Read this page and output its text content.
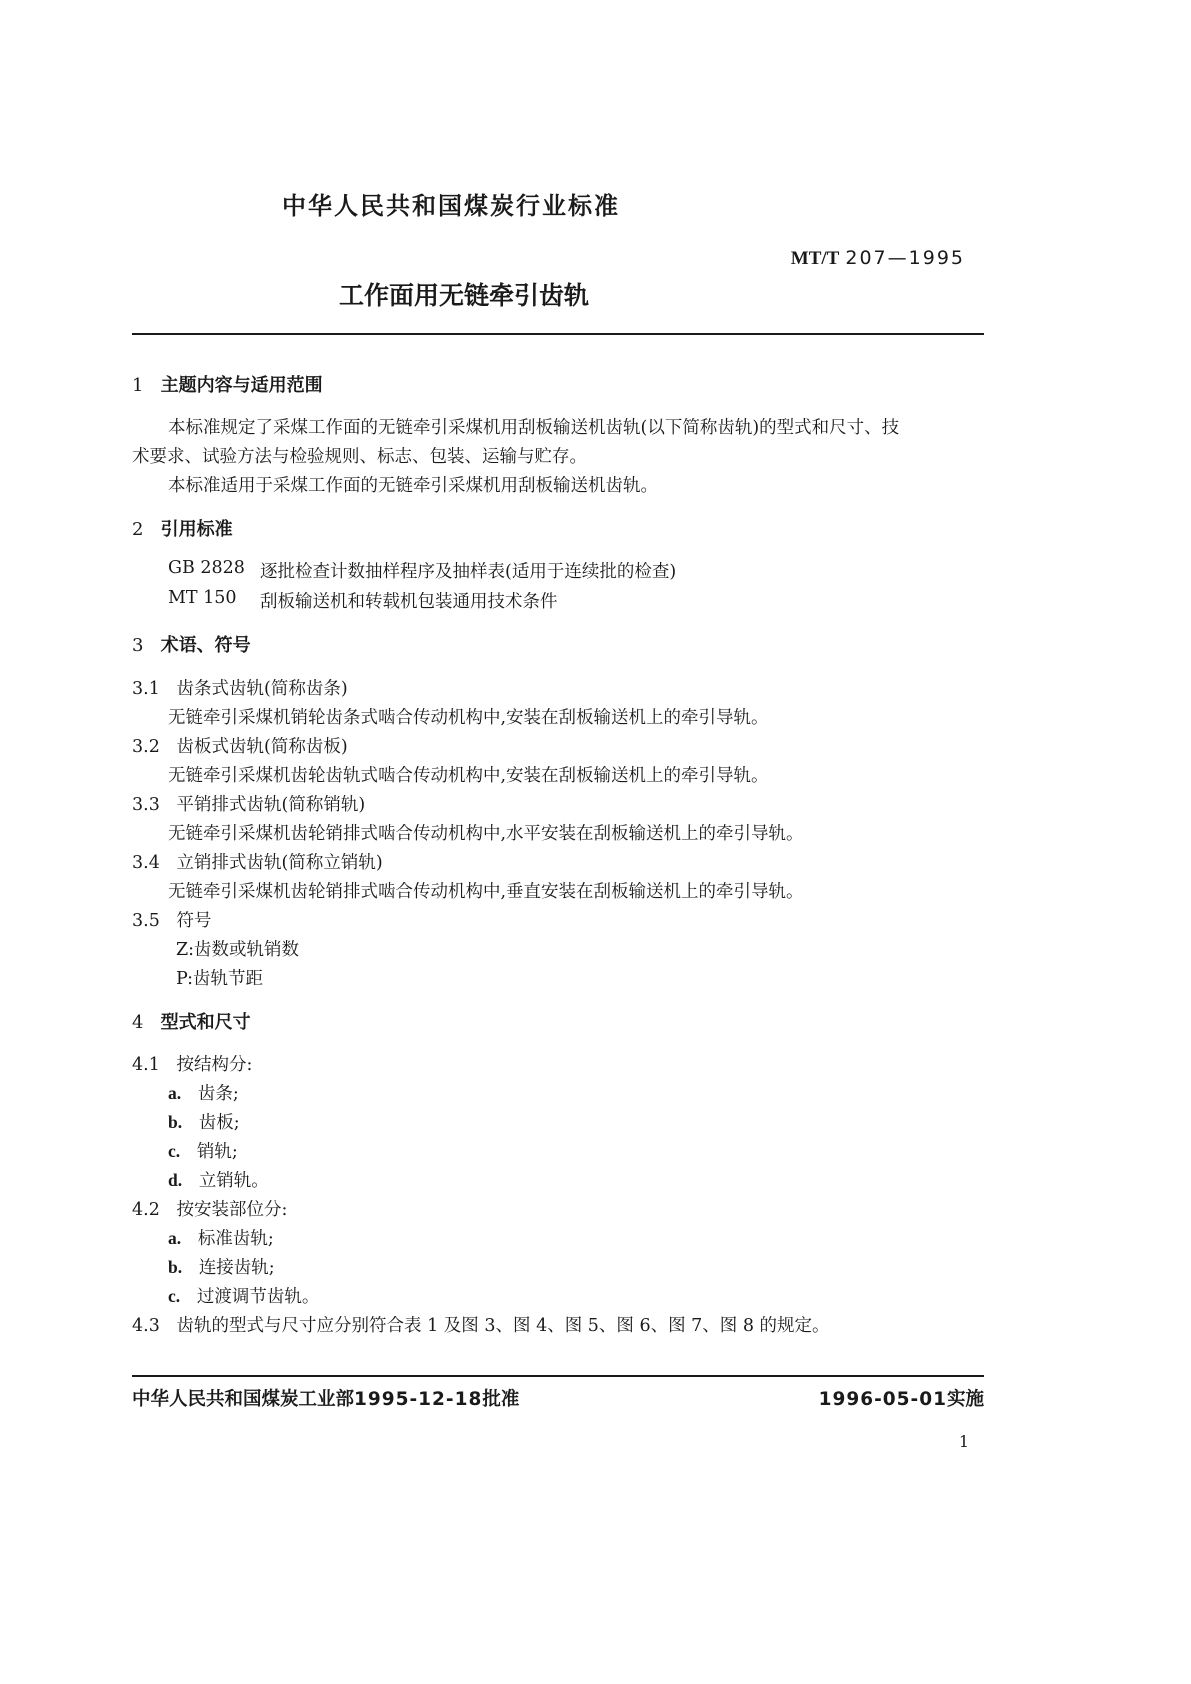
中华人民共和国煤炭行业标准
MT/T 207—1995
工作面用无链牵引齿轨
1 主题内容与适用范围
本标准规定了采煤工作面的无链牵引采煤机用刮板输送机齿轨(以下简称齿轨)的型式和尺寸、技
术要求、试验方法与检验规则、标志、包装、运输与贮存。
本标准适用于采煤工作面的无链牵引采煤机用刮板输送机齿轨。
2 引用标准
GB 2828 逐批检查计数抽样程序及抽样表(适用于连续批的检查)
MT 150 刮板输送机和转载机包装通用技术条件
3 术语、符号
3.1 齿条式齿轨(简称齿条)
无链牵引采煤机销轮齿条式啮合传动机构中,安装在刮板输送机上的牵引导轨。
3.2 齿板式齿轨(简称齿板)
无链牵引采煤机齿轮齿轨式啮合传动机构中,安装在刮板输送机上的牵引导轨。
3.3 平销排式齿轨(简称销轨)
无链牵引采煤机齿轮销排式啮合传动机构中,水平安装在刮板输送机上的牵引导轨。
3.4 立销排式齿轨(简称立销轨)
无链牵引采煤机齿轮销排式啮合传动机构中,垂直安装在刮板输送机上的牵引导轨。
3.5 符号
Z:齿数或轨销数
P:齿轨节距
4 型式和尺寸
4.1 按结构分:
a. 齿条;
b. 齿板;
c. 销轨;
d. 立销轨。
4.2 按安装部位分:
a. 标准齿轨;
b. 连接齿轨;
c. 过渡调节齿轨。
4.3 齿轨的型式与尺寸应分别符合表 1 及图 3、图 4、图 5、图 6、图 7、图 8 的规定。
中华人民共和国煤炭工业部1995-12-18批准	1996-05-01实施
1
